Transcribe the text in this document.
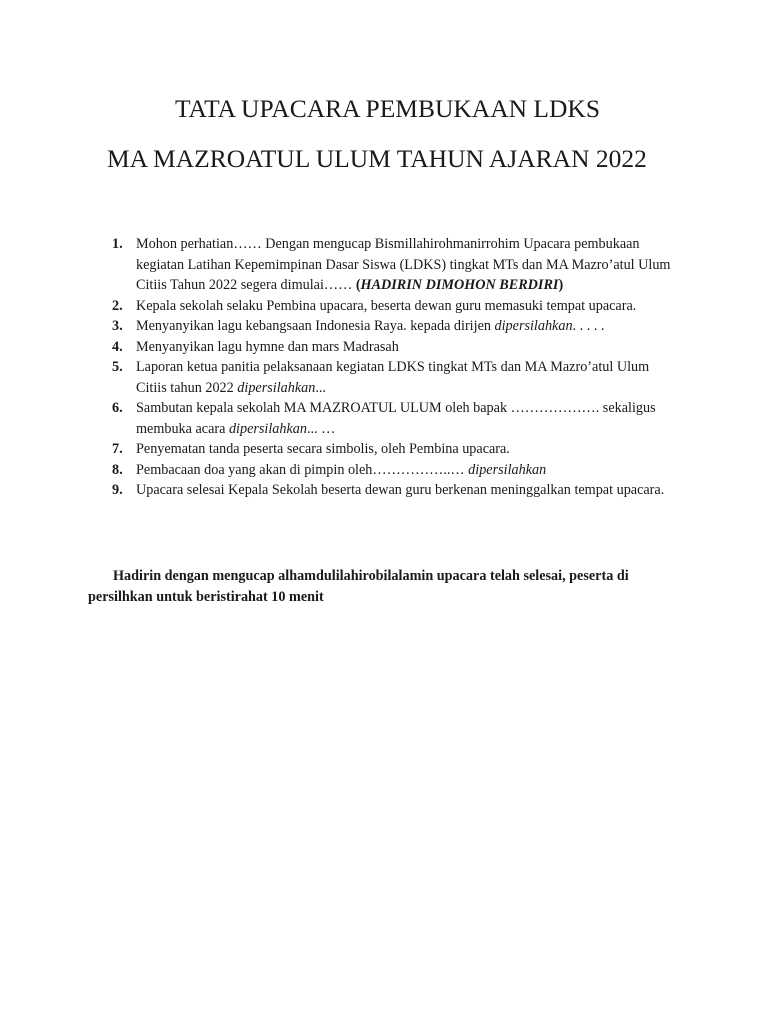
TATA UPACARA PEMBUKAAN LDKS
MA MAZROATUL ULUM TAHUN AJARAN 2022
1. Mohon perhatian…… Dengan mengucap Bismillahirohmanirrohim Upacara pembukaan kegiatan Latihan Kepemimpinan Dasar Siswa (LDKS) tingkat MTs dan MA Mazro’atul Ulum Citiis Tahun 2022 segera dimulai…… (HADIRIN DIMOHON BERDIRI)
2. Kepala sekolah selaku Pembina upacara, beserta dewan guru memasuki tempat upacara.
3. Menyanyikan lagu kebangsaan Indonesia Raya. kepada dirijen dipersilahkan. . . . .
4. Menyanyikan lagu hymne dan mars Madrasah
5. Laporan ketua panitia pelaksanaan kegiatan LDKS tingkat MTs dan MA Mazro’atul Ulum Citiis tahun 2022 dipersilahkan...
6. Sambutan kepala sekolah MA MAZROATUL ULUM oleh bapak ………………. sekaligus membuka acara dipersilahkan... …
7. Penyematan tanda peserta secara simbolis, oleh Pembina upacara.
8. Pembacaan doa yang akan di pimpin oleh……………..… dipersilahkan
9. Upacara selesai Kepala Sekolah beserta dewan guru berkenan meninggalkan tempat upacara.

Hadirin dengan mengucap alhamdulilahirobilalamin upacara telah selesai, peserta di persilhkan untuk beristirahat 10 menit
